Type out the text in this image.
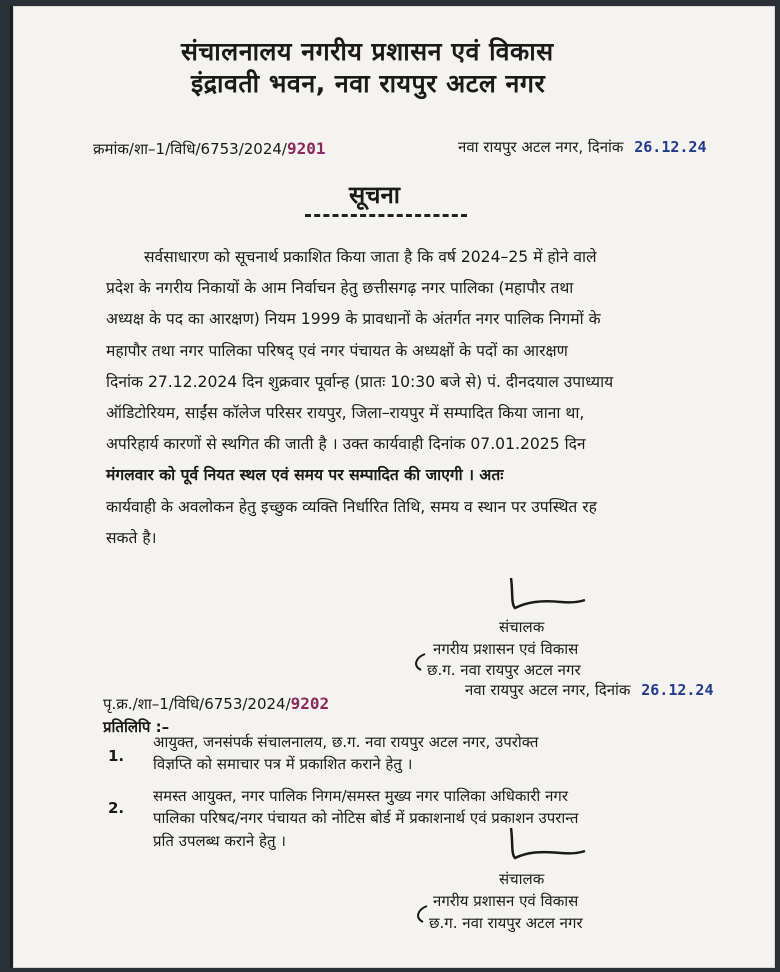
संचालनालय नगरीय प्रशासन एवं विकास
इंद्रावती भवन, नवा रायपुर अटल नगर
क्रमांक/शा–1/विधि/6753/2024/9201	नवा रायपुर अटल नगर, दिनांक 26.12.24
सूचना
सर्वसाधारण को सूचनार्थ प्रकाशित किया जाता है कि वर्ष 2024–25 में होने वाले
प्रदेश के नगरीय निकायों के आम निर्वाचन हेतु छत्तीसगढ़ नगर पालिका (महापौर तथा
अध्यक्ष के पद का आरक्षण) नियम 1999 के प्रावधानों के अंतर्गत नगर पालिक निगमों के
महापौर तथा नगर पालिका परिषद् एवं नगर पंचायत के अध्यक्षों के पदों का आरक्षण
दिनांक 27.12.2024 दिन शुक्रवार पूर्वान्ह (प्रातः 10:30 बजे से) पं. दीनदयाल उपाध्याय
ऑडिटोरियम, साईंस कॉलेज परिसर रायपुर, जिला–रायपुर में सम्पादित किया जाना था,
अपरिहार्य कारणों से स्थगित की जाती है । उक्त कार्यवाही दिनांक 07.01.2025 दिन
मंगलवार को पूर्व नियत स्थल एवं समय पर सम्पादित की जाएगी । अतः
कार्यवाही के अवलोकन हेतु इच्छुक व्यक्ति निर्धारित तिथि, समय व स्थान पर उपस्थित रह
सकते है।
संचालक
नगरीय प्रशासन एवं विकास
छ.ग. नवा रायपुर अटल नगर
नवा रायपुर अटल नगर, दिनांक 26.12.24
पृ.क्र./शा–1/विधि/6753/2024/9202
प्रतिलिपि :–
1.
आयुक्त, जनसंपर्क संचालनालय, छ.ग. नवा रायपुर अटल नगर, उपरोक्त
विज्ञप्ति को समाचार पत्र में प्रकाशित कराने हेतु ।
2.
समस्त आयुक्त, नगर पालिक निगम/समस्त मुख्य नगर पालिका अधिकारी नगर
पालिका परिषद/नगर पंचायत को नोटिस बोर्ड में प्रकाशनार्थ एवं प्रकाशन उपरान्त
प्रति उपलब्ध कराने हेतु ।
संचालक
नगरीय प्रशासन एवं विकास
छ.ग. नवा रायपुर अटल नगर
